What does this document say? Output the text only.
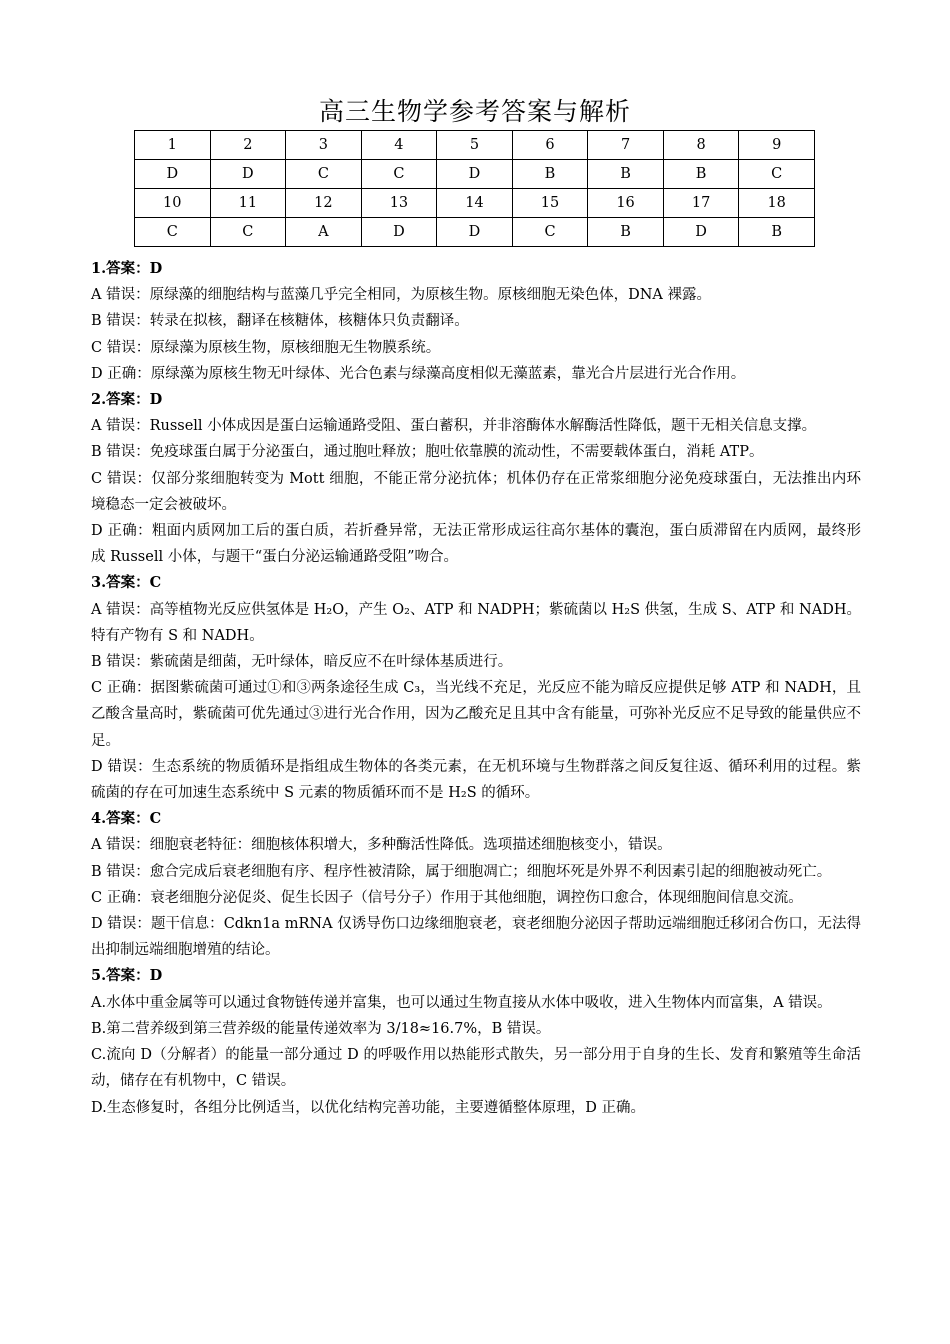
高三生物学参考答案与解析
1	2	3	4	5	6	7	8	9
D	D	C	C	D	B	B	B	C
10	11	12	13	14	15	16	17	18
C	C	A	D	D	C	B	D	B

1.答案：D

A 错误：原绿藻的细胞结构与蓝藻几乎完全相同，为原核生物。原核细胞无染色体，DNA 裸露。

B 错误：转录在拟核，翻译在核糖体，核糖体只负责翻译。

C 错误：原绿藻为原核生物，原核细胞无生物膜系统。

D 正确：原绿藻为原核生物无叶绿体、光合色素与绿藻高度相似无藻蓝素，靠光合片层进行光合作用。

2.答案：D

A 错误：Russell 小体成因是蛋白运输通路受阻、蛋白蓄积，并非溶酶体水解酶活性降低，题干无相关信息支撑。

B 错误：免疫球蛋白属于分泌蛋白，通过胞吐释放；胞吐依靠膜的流动性，不需要载体蛋白，消耗 ATP。

C 错误：仅部分浆细胞转变为 Mott 细胞，不能正常分泌抗体；机体仍存在正常浆细胞分泌免疫球蛋白，无法推出内环境稳态一定会被破坏。

D 正确：粗面内质网加工后的蛋白质，若折叠异常，无法正常形成运往高尔基体的囊泡，蛋白质滞留在内质网，最终形成 Russell 小体，与题干“蛋白分泌运输通路受阻”吻合。

3.答案：C

A 错误：高等植物光反应供氢体是 H₂O，产生 O₂、ATP 和 NADPH；紫硫菌以 H₂S 供氢，生成 S、ATP 和 NADH。特有产物有 S 和 NADH。

B 错误：紫硫菌是细菌，无叶绿体，暗反应不在叶绿体基质进行。

C 正确：据图紫硫菌可通过①和③两条途径生成 C₃，当光线不充足，光反应不能为暗反应提供足够 ATP 和 NADH，且乙酸含量高时，紫硫菌可优先通过③进行光合作用，因为乙酸充足且其中含有能量，可弥补光反应不足导致的能量供应不足。

D 错误：生态系统的物质循环是指组成生物体的各类元素，在无机环境与生物群落之间反复往返、循环利用的过程。紫硫菌的存在可加速生态系统中 S 元素的物质循环而不是 H₂S 的循环。

4.答案：C

A 错误：细胞衰老特征：细胞核体积增大，多种酶活性降低。选项描述细胞核变小，错误。

B 错误：愈合完成后衰老细胞有序、程序性被清除，属于细胞凋亡；细胞坏死是外界不利因素引起的细胞被动死亡。

C 正确：衰老细胞分泌促炎、促生长因子（信号分子）作用于其他细胞，调控伤口愈合，体现细胞间信息交流。

D 错误：题干信息：Cdkn1a mRNA 仅诱导伤口边缘细胞衰老，衰老细胞分泌因子帮助远端细胞迁移闭合伤口，无法得出抑制远端细胞增殖的结论。

5.答案：D

A.水体中重金属等可以通过食物链传递并富集，也可以通过生物直接从水体中吸收，进入生物体内而富集，A 错误。

B.第二营养级到第三营养级的能量传递效率为 3/18≈16.7%，B 错误。

C.流向 D（分解者）的能量一部分通过 D 的呼吸作用以热能形式散失，另一部分用于自身的生长、发育和繁殖等生命活动，储存在有机物中，C 错误。

D.生态修复时，各组分比例适当，以优化结构完善功能，主要遵循整体原理，D 正确。
